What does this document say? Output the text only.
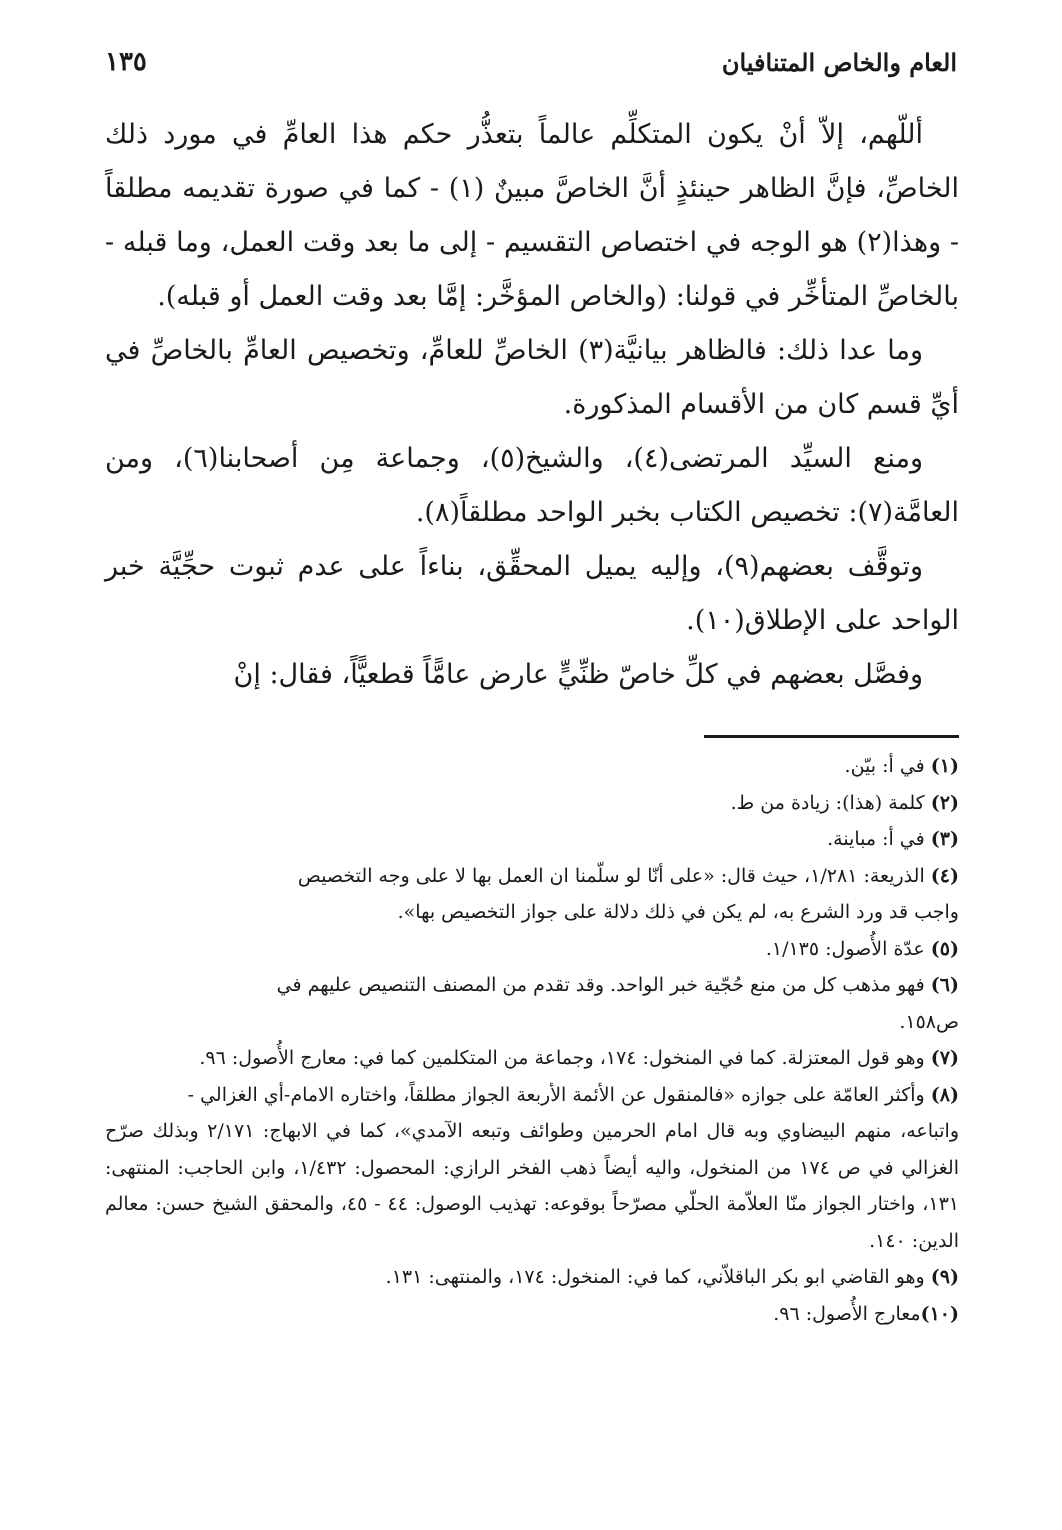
العام والخاص المتنافيان
١٣٥

أللّهم، إلاّ أنْ يكون المتكلِّم عالماً بتعذُّر حكم هذا العامِّ في مورد ذلك الخاصِّ، فإنَّ الظاهر حينئذٍ أنَّ الخاصَّ مبينٌ (١) - كما في صورة تقديمه مطلقاً - وهذا(٢) هو الوجه في اختصاص التقسيم - إلى ما بعد وقت العمل، وما قبله - بالخاصِّ المتأخِّر في قولنا: (والخاص المؤخَّر: إمَّا بعد وقت العمل أو قبله).

وما عدا ذلك: فالظاهر بيانيَّة(٣) الخاصِّ للعامِّ، وتخصيص العامِّ بالخاصِّ في أيِّ قسم كان من الأقسام المذكورة.

ومنع السيِّد المرتضى(٤)، والشيخ(٥)، وجماعة مِن أصحابنا(٦)، ومن العامَّة(٧): تخصيص الكتاب بخبر الواحد مطلقاً(٨).

وتوقَّف بعضهم(٩)، وإليه يميل المحقِّق، بناءاً على عدم ثبوت حجِّيَّة خبر الواحد على الإطلاق(١٠).

وفصَّل بعضهم في كلِّ خاصّ ظنِّيٍّ عارض عامًّاً قطعيًّاً، فقال: إنْ

(١) في أ: بيّن.

(٢) كلمة (هذا): زيادة من ط.

(٣) في أ: مباينة.

(٤) الذريعة: ١/٢٨١، حيث قال: «على أنّا لو سلّمنا ان العمل بها لا على وجه التخصيص

واجب قد ورد الشرع به، لم يكن في ذلك دلالة على جواز التخصيص بها».

(٥) عدّة الأُصول: ١/١٣٥.

(٦) فهو مذهب كل من منع حُجّية خبر الواحد. وقد تقدم من المصنف التنصيص عليهم في

ص١٥٨.

(٧) وهو قول المعتزلة. كما في المنخول: ١٧٤، وجماعة من المتكلمين كما في: معارج الأُصول: ٩٦.

(٨) وأكثر العامّة على جوازه «فالمنقول عن الأئمة الأربعة الجواز مطلقاً، واختاره الامام-أي الغزالي -

واتباعه، منهم البيضاوي وبه قال امام الحرمين وطوائف وتبعه الآمدي»، كما في الابهاج: ٢/١٧١ وبذلك صرّح الغزالي في ص ١٧٤ من المنخول، واليه أيضاً ذهب الفخر الرازي: المحصول: ١/٤٣٢، وابن الحاجب: المنتهى: ١٣١، واختار الجواز منّا العلاّمة الحلّي مصرّحاً بوقوعه: تهذيب الوصول: ٤٤ - ٤٥، والمحقق الشيخ حسن: معالم الدين: ١٤٠.

(٩) وهو القاضي ابو بكر الباقلاّني، كما في: المنخول: ١٧٤، والمنتهى: ١٣١.

(١٠)معارج الأُصول: ٩٦.
